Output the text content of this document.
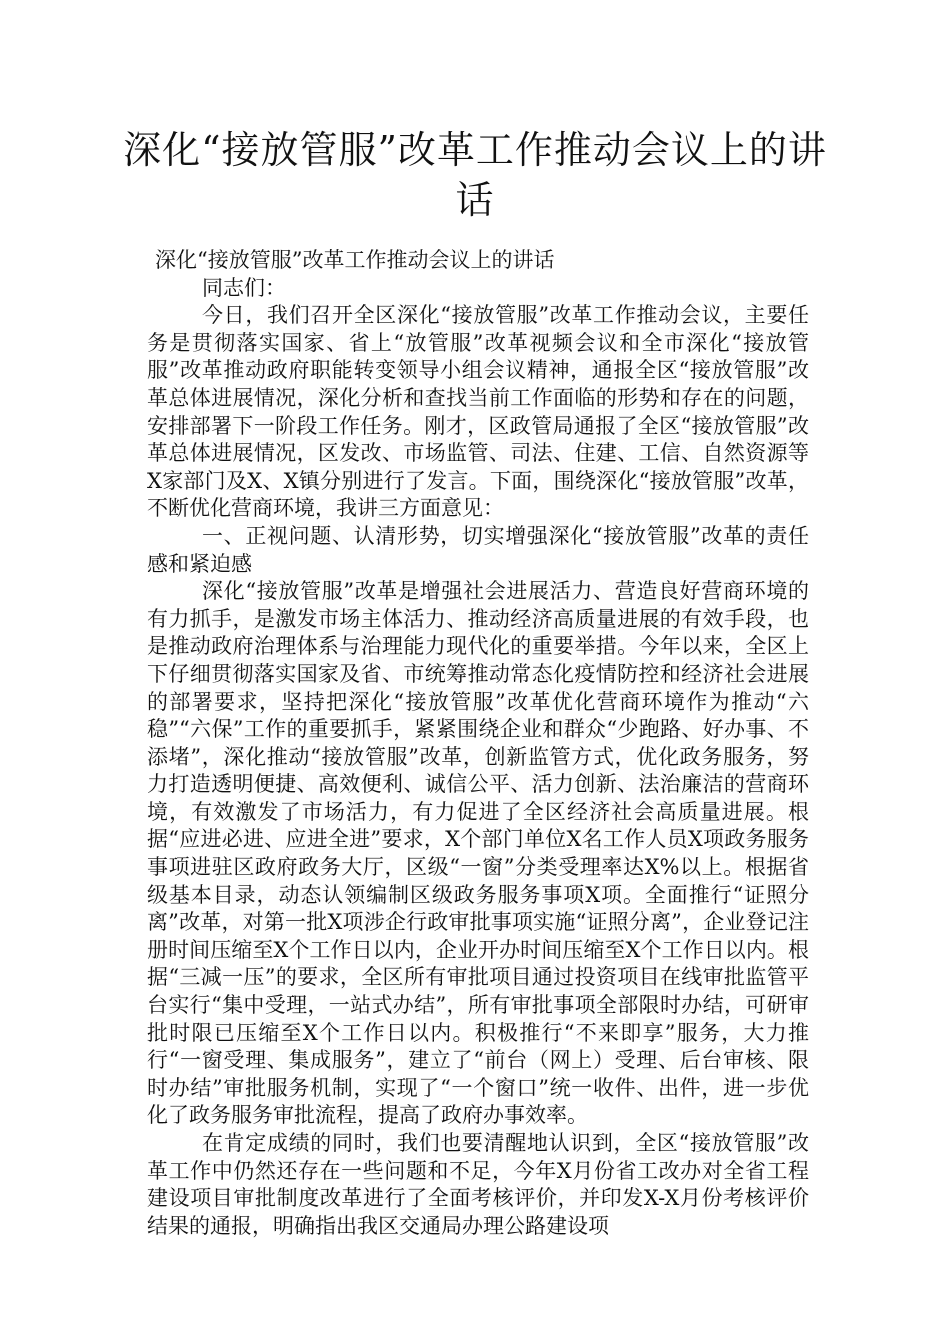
深化“接放管服”改革工作推动会议上的讲话

深化“接放管服”改革工作推动会议上的讲话

同志们：

今日，我们召开全区深化“接放管服”改革工作推动会议，主要任务是贯彻落实国家、省上“放管服”改革视频会议和全市深化“接放管服”改革推动政府职能转变领导小组会议精神，通报全区“接放管服”改革总体进展情况，深化分析和查找当前工作面临的形势和存在的问题，安排部署下一阶段工作任务。刚才，区政管局通报了全区“接放管服”改革总体进展情况，区发改、市场监管、司法、住建、工信、自然资源等X家部门及X、X镇分别进行了发言。下面，围绕深化“接放管服”改革，不断优化营商环境，我讲三方面意见：

一、正视问题、认清形势，切实增强深化“接放管服”改革的责任感和紧迫感

深化“接放管服”改革是增强社会进展活力、营造良好营商环境的有力抓手，是激发市场主体活力、推动经济高质量进展的有效手段，也是推动政府治理体系与治理能力现代化的重要举措。今年以来，全区上下仔细贯彻落实国家及省、市统筹推动常态化疫情防控和经济社会进展的部署要求，坚持把深化“接放管服”改革优化营商环境作为推动“六稳”“六保”工作的重要抓手，紧紧围绕企业和群众“少跑路、好办事、不添堵”，深化推动“接放管服”改革，创新监管方式，优化政务服务，努力打造透明便捷、高效便利、诚信公平、活力创新、法治廉洁的营商环境，有效激发了市场活力，有力促进了全区经济社会高质量进展。根据“应进必进、应进全进”要求，X个部门单位X名工作人员X项政务服务事项进驻区政府政务大厅，区级“一窗”分类受理率达X%以上。根据省级基本目录，动态认领编制区级政务服务事项X项。全面推行“证照分离”改革，对第一批X项涉企行政审批事项实施“证照分离”，企业登记注册时间压缩至X个工作日以内，企业开办时间压缩至X个工作日以内。根据“三减一压”的要求，全区所有审批项目通过投资项目在线审批监管平台实行“集中受理，一站式办结”，所有审批事项全部限时办结，可研审批时限已压缩至X个工作日以内。积极推行“不来即享”服务，大力推行“一窗受理、集成服务”，建立了“前台（网上）受理、后台审核、限时办结”审批服务机制，实现了“一个窗口”统一收件、出件，进一步优化了政务服务审批流程，提高了政府办事效率。

在肯定成绩的同时，我们也要清醒地认识到，全区“接放管服”改革工作中仍然还存在一些问题和不足，今年X月份省工改办对全省工程建设项目审批制度改革进行了全面考核评价，并印发X-X月份考核评价结果的通报，明确指出我区交通局办理公路建设项
